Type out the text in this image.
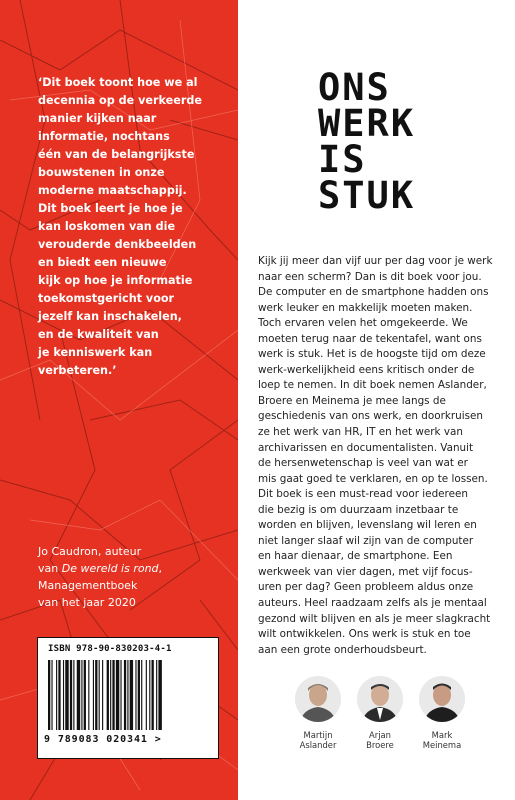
‘Dit boek toont hoe we al

decennia op de verkeerde

manier kijken naar

informatie, nochtans

één van de belangrijkste

bouwstenen in onze

moderne maatschappij.

Dit boek leert je hoe je

kan loskomen van die

verouderde denkbeelden

en biedt een nieuwe

kijk op hoe je informatie

toekomstgericht voor

jezelf kan inschakelen,

en de kwaliteit van

je kenniswerk kan

verbeteren.’

Jo Caudron, auteur

van De wereld is rond,

Managementboek

van het jaar 2020

ISBN 978-90-830203-4-1
9 789083 020341 >
ONS
WERK
IS
STUK

Kijk jij meer dan vijf uur per dag voor je werk

naar een scherm? Dan is dit boek voor jou.

De computer en de smartphone hadden ons

werk leuker en makkelijk moeten maken.

Toch ervaren velen het omgekeerde. We

moeten terug naar de tekentafel, want ons

werk is stuk. Het is de hoogste tijd om deze

werk-werkelijkheid eens kritisch onder de

loep te nemen. In dit boek nemen Aslander,

Broere en Meinema je mee langs de

geschiedenis van ons werk, en doorkruisen

ze het werk van HR, IT en het werk van

archivarissen en documentalisten. Vanuit

de hersenwetenschap is veel van wat er

mis gaat goed te verklaren, en op te lossen.

Dit boek is een must-read voor iedereen

die bezig is om duurzaam inzetbaar te

worden en blijven, levenslang wil leren en

niet langer slaaf wil zijn van de computer

en haar dienaar, de smartphone. Een

werkweek van vier dagen, met vijf focus-

uren per dag? Geen probleem aldus onze

auteurs. Heel raadzaam zelfs als je mentaal

gezond wilt blijven en als je meer slagkracht

wilt ontwikkelen. Ons werk is stuk en toe

aan een grote onderhoudsbeurt.

Martijn
Aslander
Arjan
Broere
Mark
Meinema
